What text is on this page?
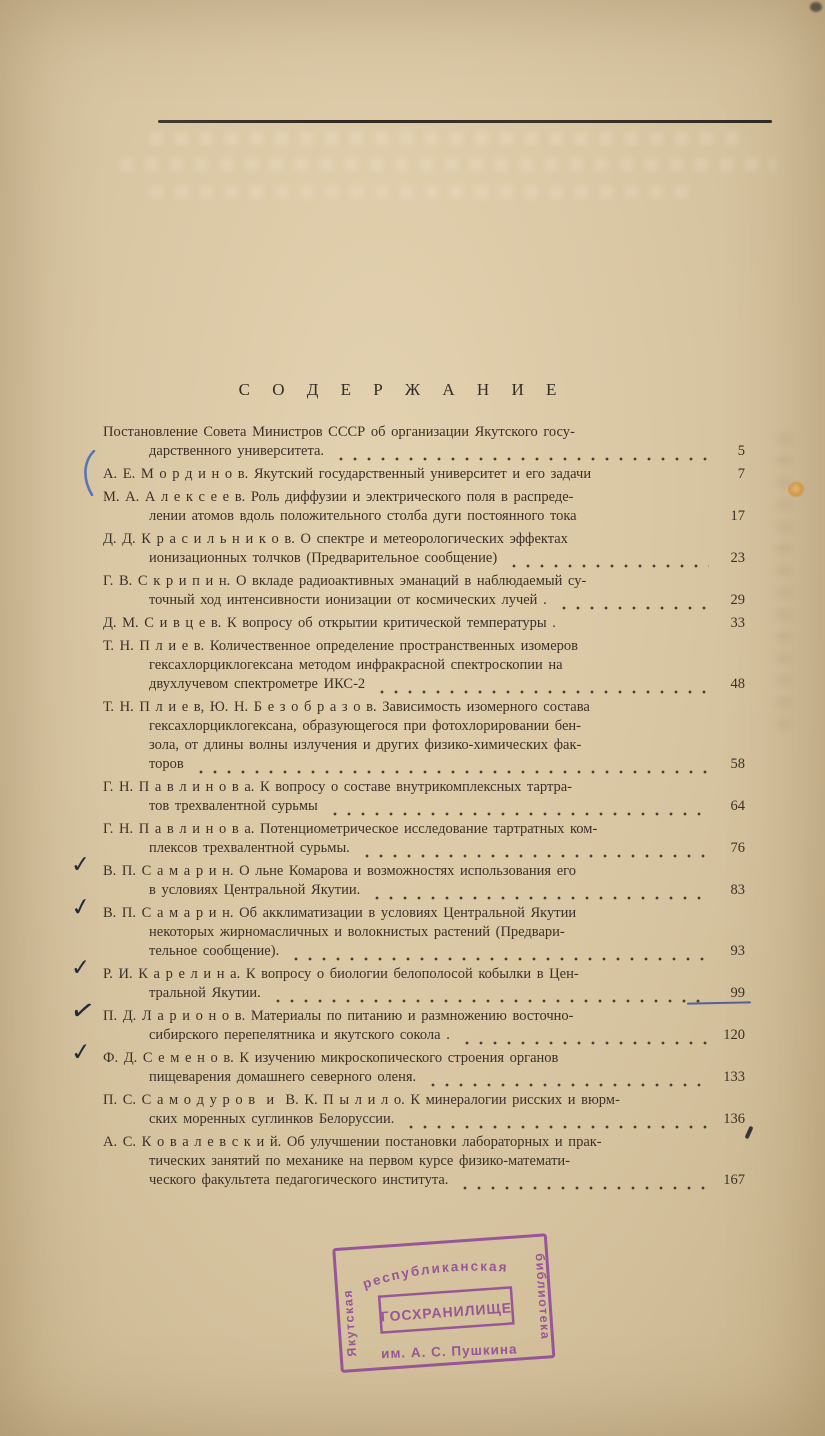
С О Д Е Р Ж А Н И Е
Постановление Совета Министров СССР об организации Якутского госу-
дарственного университета.	5
А. Е. М о р д и н о в. Якутский государственный университет и его задачи	7
М. А. А л е к с е е в. Роль диффузии и электрического поля в распреде-
лении атомов вдоль положительного столба дуги постоянного тока	17
Д. Д. К р а с и л ь н и к о в. О спектре и метеорологических эффектах
ионизационных толчков (Предварительное сообщение)	23
Г. В. С к р и п и н. О вкладе радиоактивных эманаций в наблюдаемый су-
точный ход интенсивности ионизации от космических лучей .	29
Д. М. С и в ц е в. К вопросу об открытии критической температуры .	33
Т. Н. П л и е в. Количественное определение пространственных изомеров
гексахлорциклогексана методом инфракрасной спектроскопии на
двухлучевом спектрометре ИКС-2	48
Т. Н. П л и е в, Ю. Н. Б е з о б р а з о в. Зависимость изомерного состава
гексахлорциклогексана, образующегося при фотохлорировании бен-
зола, от длины волны излучения и других физико-химических фак-
торов	58
Г. Н. П а в л и н о в а. К вопросу о составе внутрикомплексных тартра-
тов трехвалентной сурьмы	64
Г. Н. П а в л и н о в а. Потенциометрическое исследование тартратных ком-
плексов трехвалентной сурьмы.	76
✓ В. П. С а м а р и н. О льне Комарова и возможностях использования его
в условиях Центральной Якутии.	83
✓ В. П. С а м а р и н. Об акклиматизации в условиях Центральной Якутии
некоторых жирномасличных и волокнистых растений (Предвари-
тельное сообщение).	93
✓ Р. И. К а р е л и н а. К вопросу о биологии белополосой кобылки в Цен-
тральной Якутии.	99
✓ П. Д. Л а р и о н о в. Материалы по питанию и размножению восточно-
сибирского перепелятника и якутского сокола .	120
✓ Ф. Д. С е м е н о в. К изучению микроскопического строения органов
пищеварения домашнего северного оленя.	133
П. С. С а м о д у р о в  и  В. К. П ы л и л о. К минералогии рисских и вюрм-
ских моренных суглинков Белоруссии.	136
А. С. К о в а л е в с к и й. Об улучшении постановки лабораторных и прак-
тических занятий по механике на первом курсе физико-математи-
ческого факультета педагогического института.	167
республиканская
Якутская	библиотека
ГОСХРАНИЛИЩЕ
им. А. С. Пушкина
